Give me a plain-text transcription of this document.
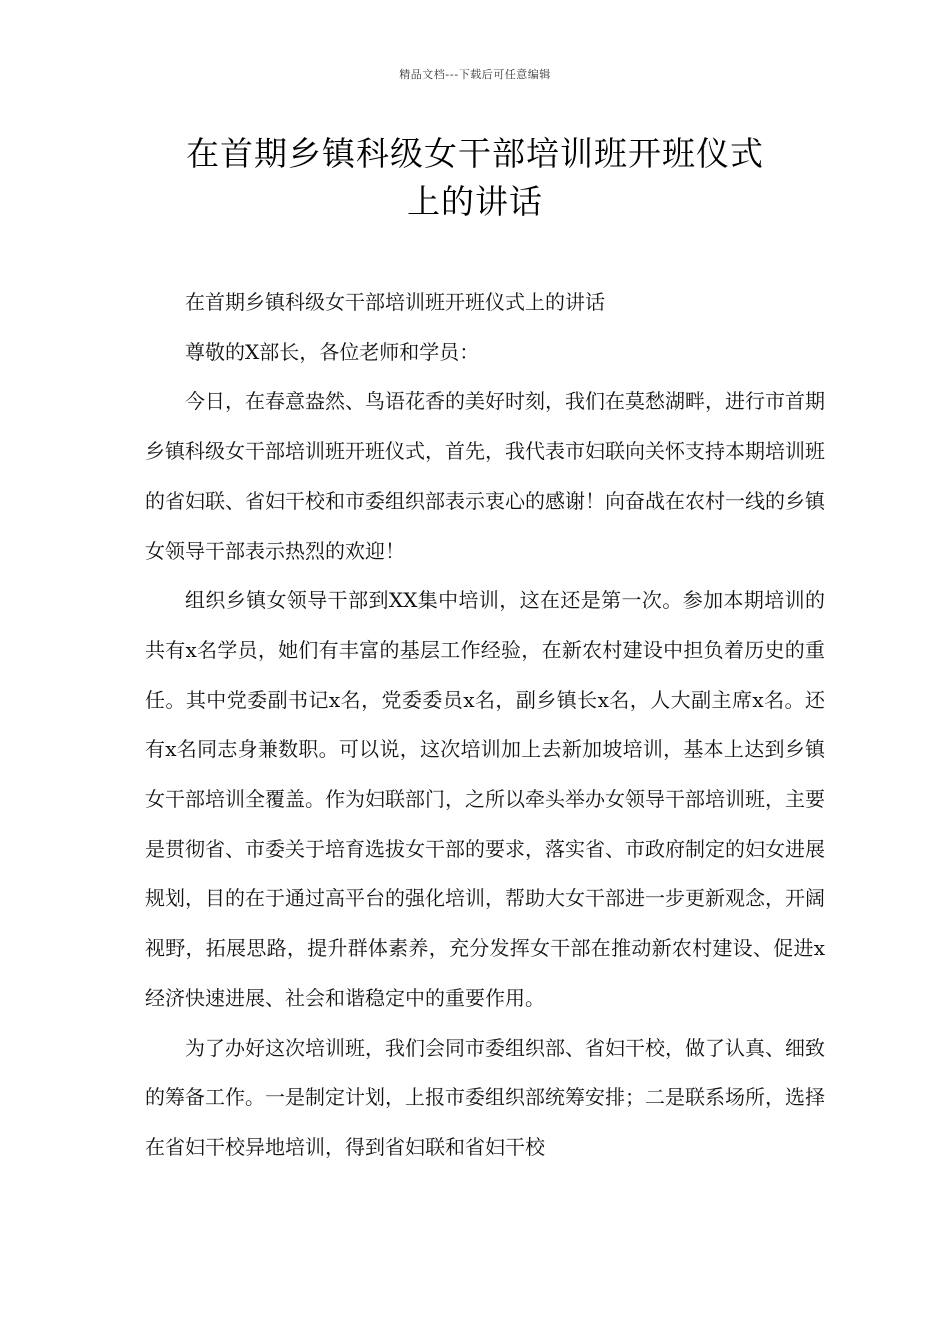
精品文档---下载后可任意编辑
在首期乡镇科级女干部培训班开班仪式
上的讲话

在首期乡镇科级女干部培训班开班仪式上的讲话

尊敬的X部长，各位老师和学员：

今日，在春意盎然、鸟语花香的美好时刻，我们在莫愁湖畔，进行市首期乡镇科级女干部培训班开班仪式，首先，我代表市妇联向关怀支持本期培训班的省妇联、省妇干校和市委组织部表示衷心的感谢！向奋战在农村一线的乡镇女领导干部表示热烈的欢迎！

组织乡镇女领导干部到XX集中培训，这在还是第一次。参加本期培训的共有x名学员，她们有丰富的基层工作经验，在新农村建设中担负着历史的重任。其中党委副书记x名，党委委员x名，副乡镇长x名，人大副主席x名。还有x名同志身兼数职。可以说，这次培训加上去新加坡培训，基本上达到乡镇女干部培训全覆盖。作为妇联部门，之所以牵头举办女领导干部培训班，主要是贯彻省、市委关于培育选拔女干部的要求，落实省、市政府制定的妇女进展规划，目的在于通过高平台的强化培训，帮助大女干部进一步更新观念，开阔视野，拓展思路，提升群体素养，充分发挥女干部在推动新农村建设、促进x经济快速进展、社会和谐稳定中的重要作用。

为了办好这次培训班，我们会同市委组织部、省妇干校，做了认真、细致的筹备工作。一是制定计划，上报市委组织部统筹安排；二是联系场所，选择在省妇干校异地培训，得到省妇联和省妇干校
